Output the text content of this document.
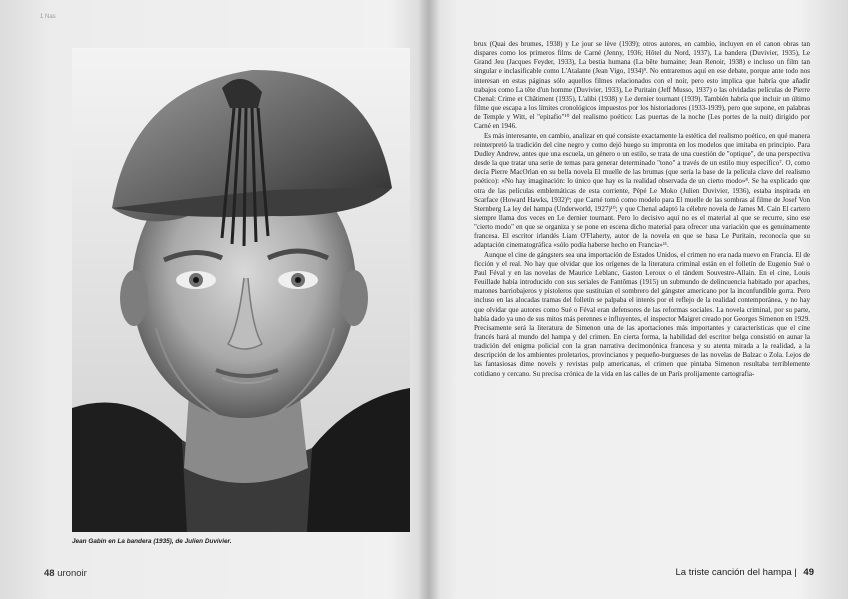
1 Nas
Jean Gabin en La bandera (1935), de Julien Duvivier.
48 uronoir

brux (Quai des brumes, 1938) y Le jour se lève (1939); otros autores, en cambio, incluyen en el canon obras tan dispares como los primeros films de Carné (Jenny, 1936; Hôtel du Nord, 1937), La bandera (Duvivier, 1935), Le Grand Jeu (Jacques Feyder, 1933), La bestia humana (La bête humaine; Jean Renoir, 1938) e incluso un film tan singular e inclasificable como L'Atalante (Jean Vigo, 1934)⁹. No entraremos aquí en ese debate, porque ante todo nos interesan en estas páginas sólo aquellos filmes relacionados con el noir, pero esto implica que habría que añadir trabajos como La tête d'un homme (Duvivier, 1933), Le Puritain (Jeff Musso, 1937) o las olvidadas películas de Pierre Chenal: Crime et Châtiment (1935), L'alibi (1938) y Le dernier tournant (1939). También habría que incluir un último filme que escapa a los límites cronológicos impuestos por los historiadores (1933-1939), pero que supone, en palabras de Temple y Witt, el "epitafio"¹⁰ del realismo poético: Las puertas de la noche (Les portes de la nuit) dirigido por Carné en 1946.

Es más interesante, en cambio, analizar en qué consiste exactamente la estética del realismo poético, en qué manera reinterpretó la tradición del cine negro y como dejó huego su impronta en los modelos que imitaba en principio. Para Dudley Andrew, antes que una escuela, un género o un estilo, se trata de una cuestión de "optique", de una perspectiva desde la que tratar una serie de temas para generar determinado "tono" a través de un estilo muy específico⁷. O, como decía Pierre MacOrlan en su bella novela El muelle de las brumas (que sería la base de la película clave del realismo poético): «No hay imaginación: lo único que hay es la realidad observada de un cierto modo»⁸. Se ha explicado que otra de las películas emblemáticas de esta corriente, Pépé Le Moko (Julien Duvivier, 1936), estaba inspirada en Scarface (Howard Hawks, 1932)⁹; que Carné tomó como modelo para El muelle de las sombras al filme de Josef Von Sternberg La ley del hampa (Underworld, 1927)¹⁰; y que Chenal adaptó la célebre novela de James M. Cain El cartero siempre llama dos veces en Le dernier tournant. Pero lo decisivo aquí no es el material al que se recurre, sino ese "cierto modo" en que se organiza y se pone en escena dicho material para ofrecer una variación que es genuinamente francesa. El escritor irlandés Liam O'Flaherty, autor de la novela en que se basa Le Puritain, reconocía que su adaptación cinematográfica «sólo podía haberse hecho en Francia»¹¹.

Aunque el cine de gángsters sea una importación de Estados Unidos, el crimen no era nada nuevo en Francia. El de ficción y el real. No hay que olvidar que los orígenes de la literatura criminal están en el folletín de Eugenio Sué o Paul Féval y en las novelas de Maurice Leblanc, Gaston Leroux o el tándem Souvestre-Allain. En el cine, Louis Feuillade había introducido con sus seriales de Fantômas (1915) un submundo de delincuencia habitado por apaches, matones barriobajeros y pistoleros que sustituían el sombrero del gángster americano por la inconfundible gorra. Pero incluso en las alocadas tramas del folletín se palpaba el interés por el reflejo de la realidad contemporánea, y no hay que olvidar que autores como Sué o Féval eran defensores de las reformas sociales. La novela criminal, por su parte, había dado ya uno de sus mitos más perennes e influyentes, el inspector Maigret creado por Georges Simenon en 1929. Precisamente será la literatura de Simenon una de las aportaciones más importantes y características que el cine francés hará al mundo del hampa y del crimen. En cierta forma, la habilidad del escritor belga consistió en aunar la tradición del enigma policial con la gran narrativa decimonónica francesa y su atenta mirada a la realidad, a la descripción de los ambientes proletarios, provincianos y pequeño-burgueses de las novelas de Balzac o Zola. Lejos de las fantasiosas dime novels y revistas pulp americanas, el crimen que pintaba Simenon resultaba terriblemente cotidiano y cercano. Su precisa crónica de la vida en las calles de un París prolijamente cartografia-

La triste canción del hampa | 49
